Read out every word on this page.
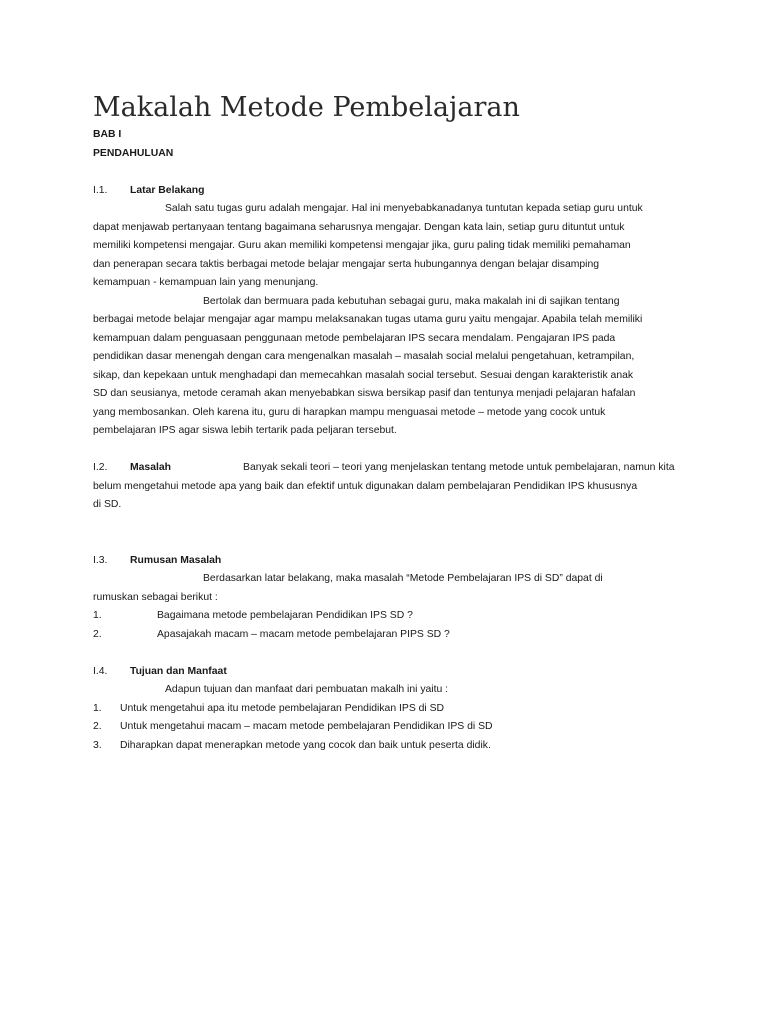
Makalah Metode Pembelajaran
BAB I
PENDAHULUAN
I.1. Latar Belakang
Salah satu tugas guru adalah mengajar. Hal ini menyebabkanadanya tuntutan kepada setiap guru untuk
dapat menjawab pertanyaan tentang bagaimana seharusnya mengajar. Dengan kata lain, setiap guru dituntut untuk
memiliki kompetensi mengajar. Guru akan memiliki kompetensi mengajar jika, guru paling tidak memiliki pemahaman
dan penerapan secara taktis berbagai metode belajar mengajar serta hubungannya dengan belajar disamping
kemampuan - kemampuan lain yang menunjang.
Bertolak dan bermuara pada kebutuhan sebagai guru, maka makalah ini di sajikan tentang
berbagai metode belajar mengajar agar mampu melaksanakan tugas utama guru yaitu mengajar. Apabila telah memiliki
kemampuan dalam penguasaan penggunaan metode pembelajaran IPS secara mendalam. Pengajaran IPS pada
pendidikan dasar menengah dengan cara mengenalkan masalah – masalah social melalui pengetahuan, ketrampilan,
sikap, dan kepekaan untuk menghadapi dan memecahkan masalah social tersebut. Sesuai dengan karakteristik anak
SD dan seusianya, metode ceramah akan menyebabkan siswa bersikap pasif dan tentunya menjadi pelajaran hafalan
yang membosankan. Oleh karena itu, guru di harapkan mampu menguasai metode – metode yang cocok untuk
pembelajaran IPS agar siswa lebih tertarik pada peljaran tersebut.
I.2. Masalah	Banyak sekali teori – teori yang menjelaskan tentang metode untuk pembelajaran, namun kita
belum mengetahui metode apa yang baik dan efektif untuk digunakan dalam pembelajaran Pendidikan IPS khususnya
di SD.
I.3. Rumusan Masalah
Berdasarkan latar belakang, maka masalah “Metode Pembelajaran IPS di SD” dapat di
rumuskan sebagai berikut :
1.	Bagaimana metode pembelajaran Pendidikan IPS SD ?
2.	Apasajakah macam – macam metode pembelajaran PIPS SD ?
I.4. Tujuan dan Manfaat
Adapun tujuan dan manfaat dari pembuatan makalh ini yaitu :
1. Untuk mengetahui apa itu metode pembelajaran Pendidikan IPS di SD
2. Untuk mengetahui macam – macam metode pembelajaran Pendidikan IPS di SD
3. Diharapkan dapat menerapkan metode yang cocok dan baik untuk peserta didik.
